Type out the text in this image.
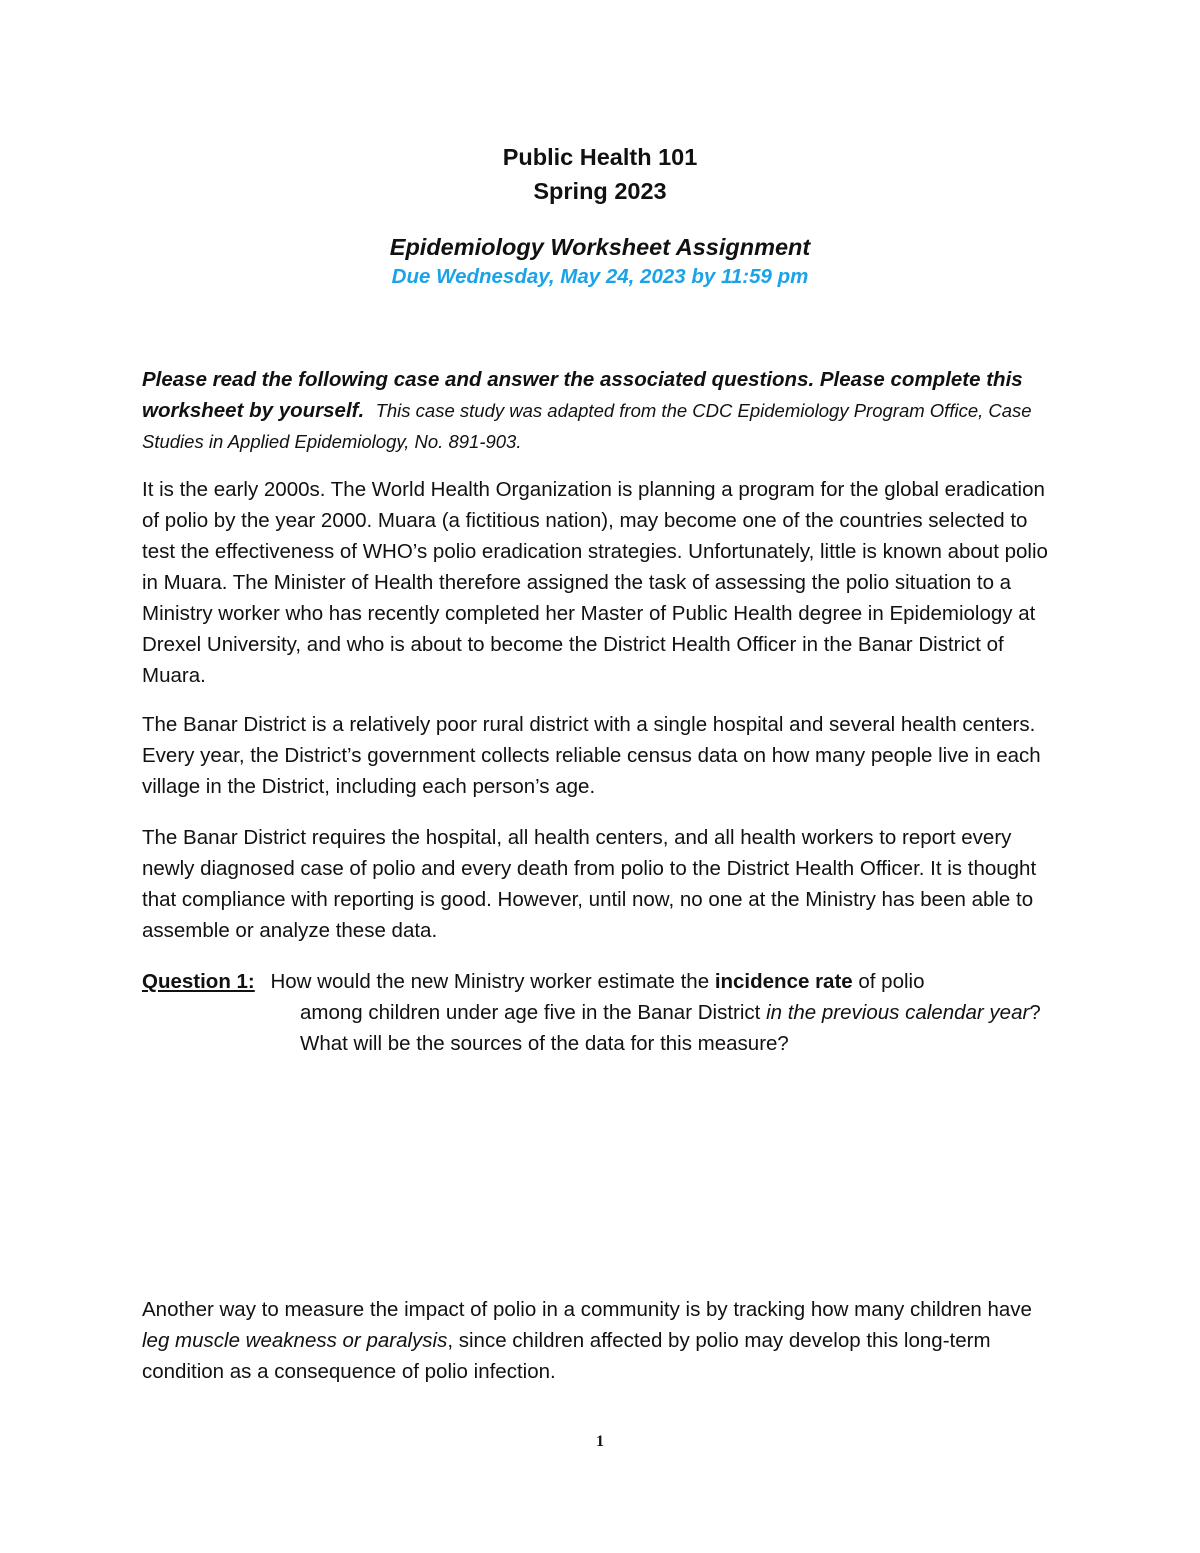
Public Health 101
Spring 2023
Epidemiology Worksheet Assignment
Due Wednesday, May 24, 2023 by 11:59 pm

Please read the following case and answer the associated questions. Please complete this worksheet by yourself. This case study was adapted from the CDC Epidemiology Program Office, Case Studies in Applied Epidemiology, No. 891-903.

It is the early 2000s. The World Health Organization is planning a program for the global eradication of polio by the year 2000. Muara (a fictitious nation), may become one of the countries selected to test the effectiveness of WHO’s polio eradication strategies. Unfortunately, little is known about polio in Muara. The Minister of Health therefore assigned the task of assessing the polio situation to a Ministry worker who has recently completed her Master of Public Health degree in Epidemiology at Drexel University, and who is about to become the District Health Officer in the Banar District of Muara.

The Banar District is a relatively poor rural district with a single hospital and several health centers. Every year, the District’s government collects reliable census data on how many people live in each village in the District, including each person’s age.

The Banar District requires the hospital, all health centers, and all health workers to report every newly diagnosed case of polio and every death from polio to the District Health Officer. It is thought that compliance with reporting is good. However, until now, no one at the Ministry has been able to assemble or analyze these data.

Question 1: How would the new Ministry worker estimate the incidence rate of polio
among children under age five in the Banar District in the previous calendar year? What will be the sources of the data for this measure?

Another way to measure the impact of polio in a community is by tracking how many children have leg muscle weakness or paralysis, since children affected by polio may develop this long-term condition as a consequence of polio infection.

1
